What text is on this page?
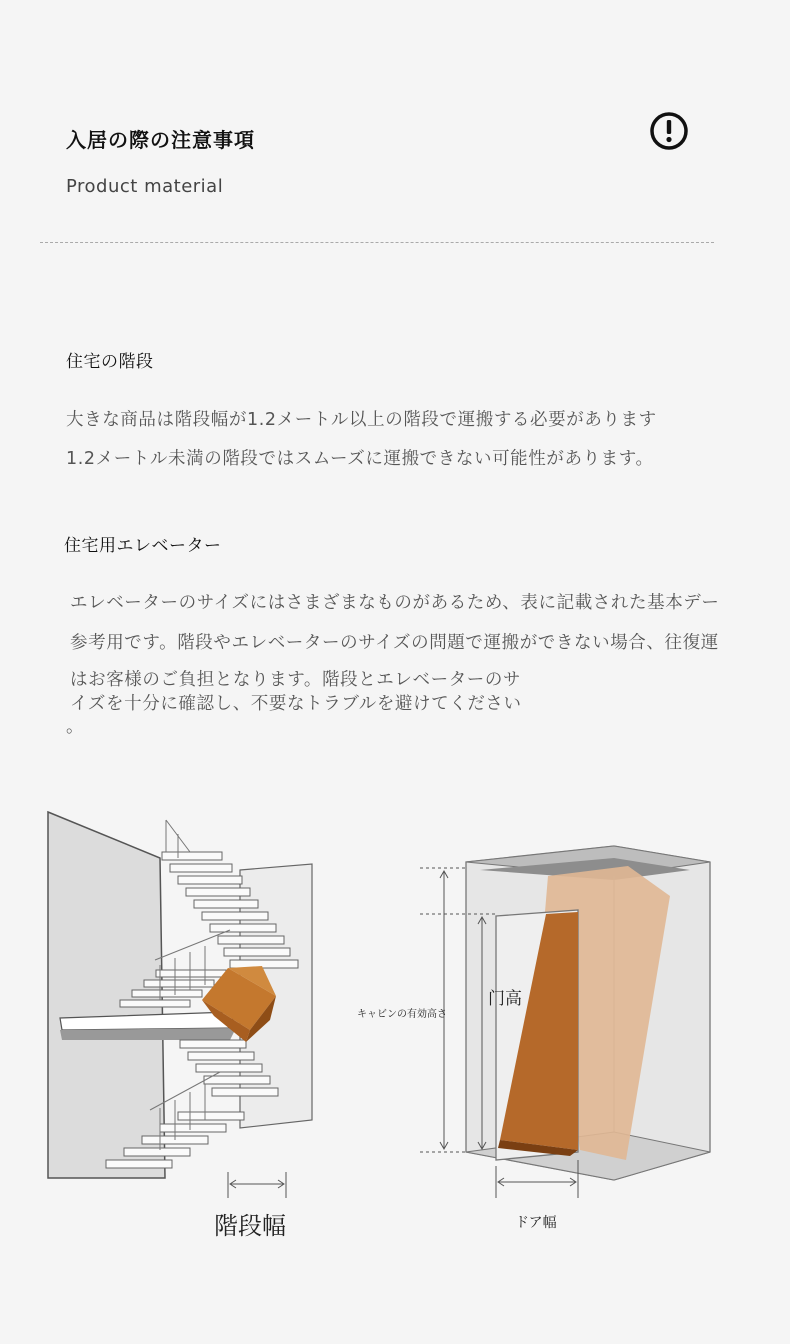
入居の際の注意事項
Product material
住宅の階段
大きな商品は階段幅が1.2メートル以上の階段で運搬する必要があります
1.2メートル未満の階段ではスムーズに運搬できない可能性があります。
住宅用エレベーター
エレベーターのサイズにはさまざまなものがあるため、表に記載された基本デー
参考用です。階段やエレベーターのサイズの問題で運搬ができない場合、往復運
はお客様のご負担となります。階段とエレベーターのサ
イズを十分に確認し、不要なトラブルを避けてください
。
キャビンの有効高さ
门高
階段幅	ドア幅
